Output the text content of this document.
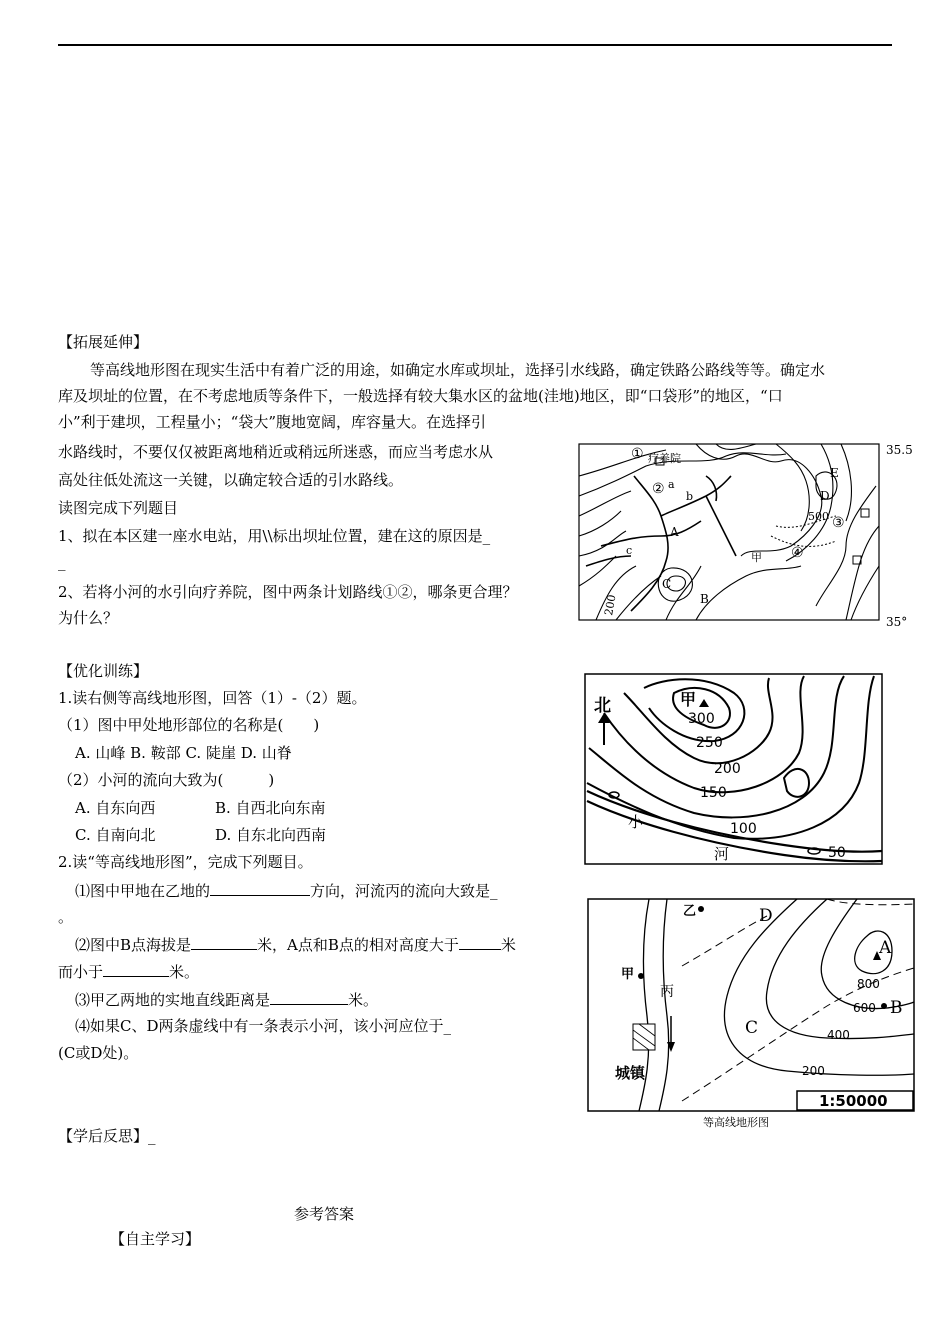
【拓展延伸】
等高线地形图在现实生活中有着广泛的用途，如确定水库或坝址，选择引水线路，确定铁路公路线等等。确定水
库及坝址的位置，在不考虑地质等条件下，一般选择有较大集水区的盆地(洼地)地区，即“口袋形”的地区，“口
小”利于建坝，工程量小；“袋大”腹地宽阔，库容量大。在选择引
水路线时，不要仅仅被距离地稍近或稍远所迷惑，而应当考虑水从
高处往低处流这一关键，以确定较合适的引水路线。
读图完成下列题目
1、拟在本区建一座水电站，用\\标出坝址位置，建在这的原因是_
_
2、若将小河的水引向疗养院，图中两条计划路线①②，哪条更合理？
为什么？
35.5
35°
① 疗养院
② a
b
c
A
B
C
D
E
甲
500 ③
④
200
【优化训练】
1.读右侧等高线地形图，回答（1）-（2）题。
（1）图中甲处地形部位的名称是(　　)
A. 山峰 B. 鞍部 C. 陡崖 D. 山脊
（2）小河的流向大致为(　　　)
A. 自东向西	B. 自西北向东南
C. 自南向北	D. 自东北向西南
2.读“等高线地形图”，完成下列题目。
⑴图中甲地在乙地的	方向，河流丙的流向大致是_
。
⑵图中B点海拔是	米，A点和B点的相对高度大于	米
而小于	米。
⑶甲乙两地的实地直线距离是	米。
⑷如果C、D两条虚线中有一条表示小河，该小河应位于_
(C或D处)。
北	甲
300
250
200
150
100
50
小
河
乙
甲
丙
城镇
D
C
A
B
800
600
400
200
1:50000
等高线地形图
【学后反思】_
参考答案
【自主学习】
